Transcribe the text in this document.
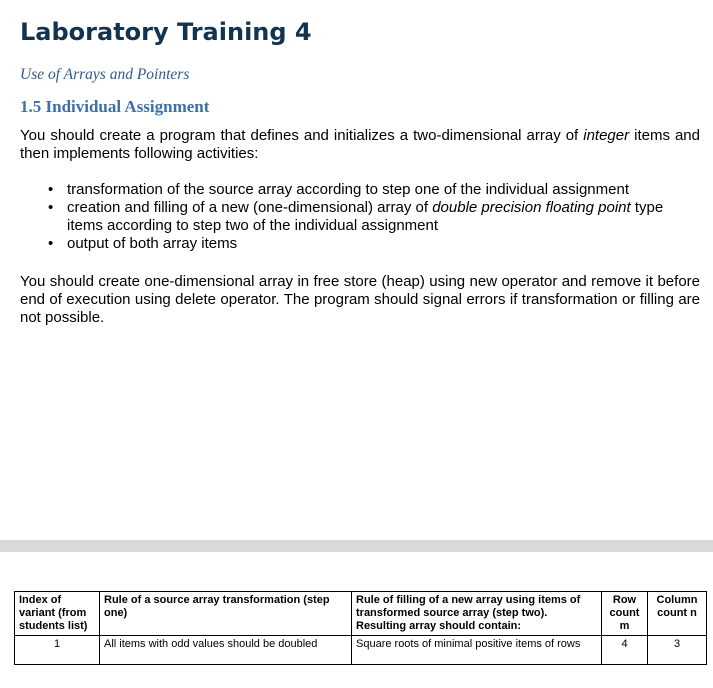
Laboratory Training 4
Use of Arrays and Pointers
1.5 Individual Assignment
You should create a program that defines and initializes a two-dimensional array of integer items and then implements following activities:
• transformation of the source array according to step one of the individual assignment
• creation and filling of a new (one-dimensional) array of double precision floating point type items according to step two of the individual assignment
• output of both array items
You should create one-dimensional array in free store (heap) using new operator and remove it before end of execution using delete operator. The program should signal errors if transformation or filling are not possible.
Index of variant (from students list)	Rule of a source array transformation (step one)	Rule of filling of a new array using items of transformed source array (step two). Resulting array should contain:	Row count m	Column count n
1	All items with odd values should be doubled	Square roots of minimal positive items of rows	4	3
